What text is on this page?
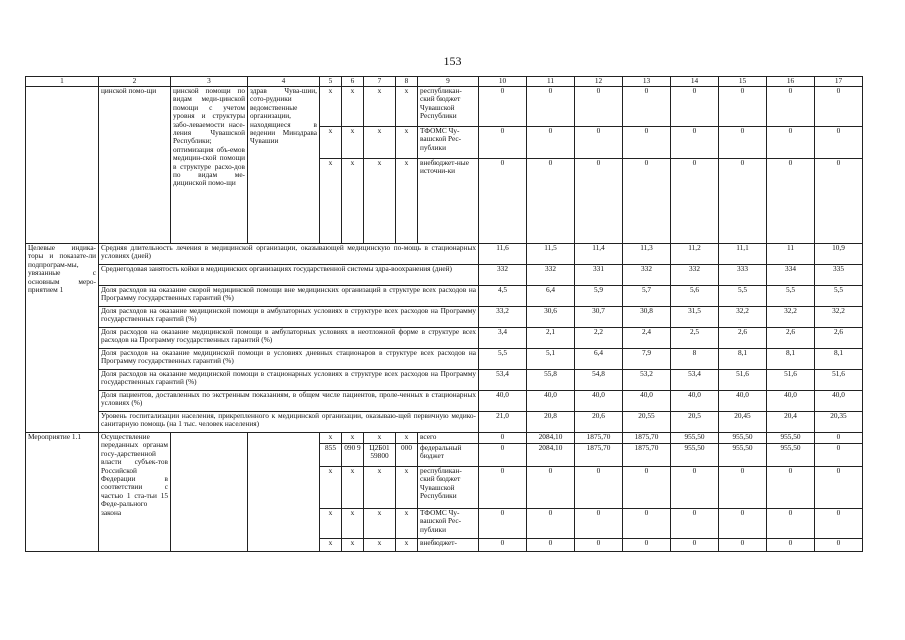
153
1	2	3	4	5	6	7	8	9	10	11	12	13	14	15	16	17
	цинской помо-щи	цинской помощи по видам меди-цинской помощи с учетом уровня и структуры забо-леваемости насе-ления Чувашской Республики; оптимизация объ-емов медицин-ской помощи в структуре расхо-дов по видам ме-дицинской помо-щи	здрав Чува-шии, сото-рудники ведомственные организации, находящиеся в ведении Минздрава Чувашии	x	x	x	x	республикан-ский бюджет Чувашской Республики	0	0	0	0	0	0	0	0
				x	x	x	x	ТФОМС Чу-вашской Рес-публики	0	0	0	0	0	0	0	0
				x	x	x	x	внебюджет-ные источни-ки	0	0	0	0	0	0	0	0
Целевые индика-торы и показате-ли подпрограм-мы, увязанные с основным меро-приятием 1	Средняя длительность лечения в медицинской организации, оказывающей медицинскую по-мощь в стационарных условиях (дней)								11,6	11,5	11,4	11,3	11,2	11,1	11	10,9
	Среднегодовая занятость койки в медицинских организациях государственной системы здра-воохранения (дней)								332	332	331	332	332	333	334	335
	Доля расходов на оказание скорой медицинской помощи вне медицинских организаций в структуре всех расходов на Программу государственных гарантий (%)								4,5	6,4	5,9	5,7	5,6	5,5	5,5	5,5
	Доля расходов на оказание медицинской помощи в амбулаторных условиях в структуре всех расходов на Программу государственных гарантий (%)								33,2	30,6	30,7	30,8	31,5	32,2	32,2	32,2
	Доля расходов на оказание медицинской помощи в амбулаторных условиях в неотложной форме в структуре всех расходов на Программу государственных гарантий (%)								3,4	2,1	2,2	2,4	2,5	2,6	2,6	2,6
	Доля расходов на оказание медицинской помощи в условиях дневных стационаров в структуре всех расходов на Программу государственных гарантий (%)								5,5	5,1	6,4	7,9	8	8,1	8,1	8,1
	Доля расходов на оказание медицинской помощи в стационарных условиях в структуре всех расходов на Программу государственных гарантий (%)								53,4	55,8	54,8	53,2	53,4	51,6	51,6	51,6
	Доля пациентов, доставленных по экстренным показаниям, в общем числе пациентов, проле-ченных в стационарных условиях (%)								40,0	40,0	40,0	40,0	40,0	40,0	40,0	40,0
	Уровень госпитализации населения, прикрепленного к медицинской организации, оказываю-щей первичную медико-санитарную помощь (на 1 тыс. человек населения)								21,0	20,8	20,6	20,55	20,5	20,45	20,4	20,35
Мероприятие 1.1	Осуществление переданных органам госу-дарственной власти субъек-тов Российской Федерации в соответствии с частью 1 ста-тьи 15 Феде-рального закона			x	x	x	x	всего	0	2084,10	1875,70	1875,70	955,50	955,50	955,50	0
				855	090 9	Ц2Б01 59800	000	федеральный бюджет	0	2084,10	1875,70	1875,70	955,50	955,50	955,50	0
				x	x	x	x	республикан-ский бюджет Чувашской Республики	0	0	0	0	0	0	0	0
				x	x	x	x	ТФОМС Чу-вашской Рес-публики	0	0	0	0	0	0	0	0
				x	x	x	x	внебюджет-	0	0	0	0	0	0	0	0
